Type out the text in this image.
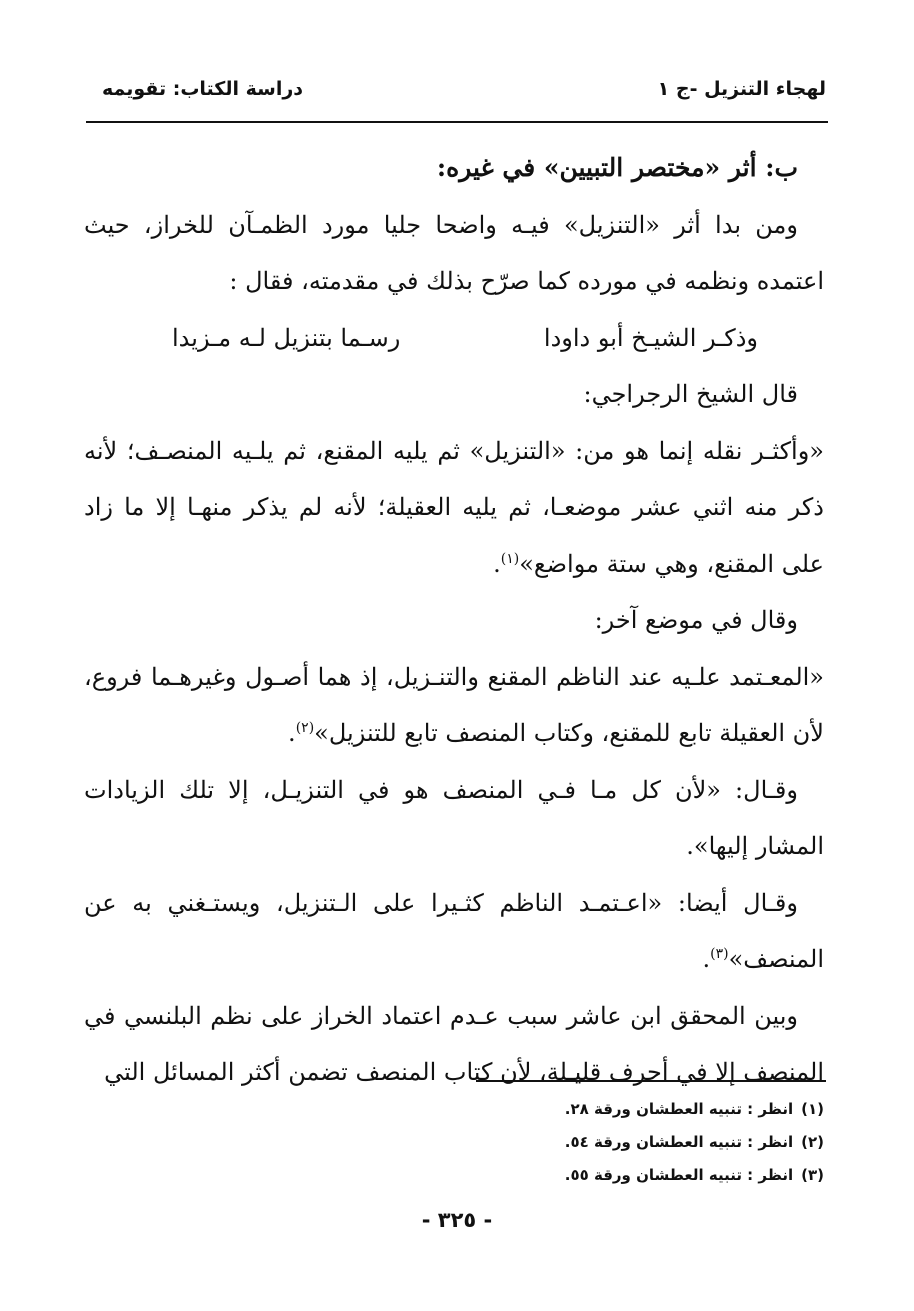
لهجاء التنزيل -ج ١
دراسة الكتاب: تقويمه

ب: أثر «مختصر التبيين» في غيره:

ومن بدا أثر «التنزيل» فيـه واضحا جليا مورد الظمـآن للخراز، حيث اعتمده ونظمه في مورده كما صرّح بذلك في مقدمته، فقال :

وذكـر الشيـخ أبو داودا
رسـما بتنزيل لـه مـزيدا

قال الشيخ الرجراجي:

«وأكثـر نقله إنما هو من: «التنزيل» ثم يليه المقنع، ثم يلـيه المنصـف؛ لأنه ذكر منه اثني عشر موضعـا، ثم يليه العقيلة؛ لأنه لم يذكر منهـا إلا ما زاد على المقنع، وهي ستة مواضع»$^{(١)}$.

وقال في موضع آخر:

«المعـتمد علـيه عند الناظم المقنع والتنـزيل، إذ هما أصـول وغيرهـما فروع، لأن العقيلة تابع للمقنع، وكتاب المنصف تابع للتنزيل»$^{(٢)}$.

وقـال: «لأن كل مـا فـي المنصف هو في التنزيـل، إلا تلك الزيادات المشار إليها».

وقـال أيضا: «اعـتمـد الناظم كثـيرا على الـتنزيل، ويستـغني به عن المنصف»$^{(٣)}$.

وبين المحقق ابن عاشر سبب عـدم اعتماد الخراز على نظم البلنسي في المنصف إلا في أحرف قليـلة، لأن كتاب المنصف تضمن أكثر المسائل التي

(١)انظر : تنبيه العطشان ورقة ٢٨.
(٢)انظر : تنبيه العطشان ورقة ٥٤.
(٣)انظر : تنبيه العطشان ورقة ٥٥.
- ٣٢٥ -
